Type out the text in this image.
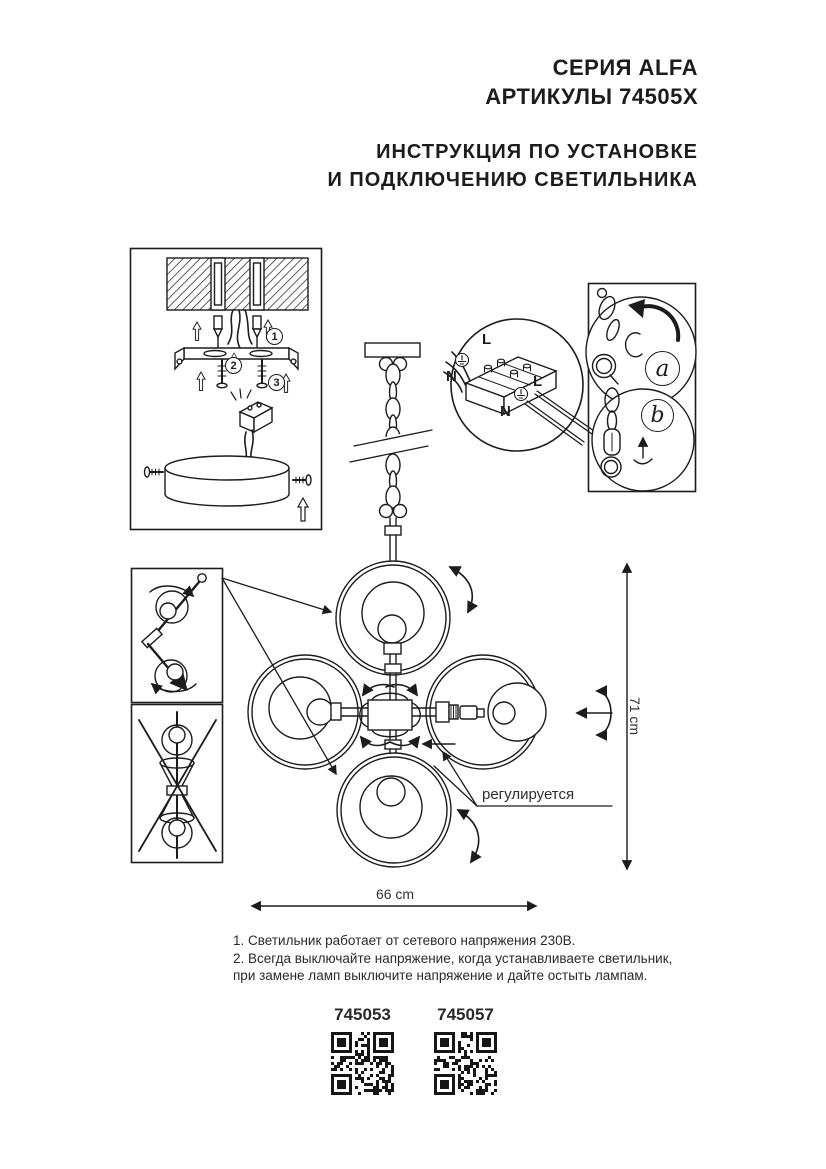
СЕРИЯ ALFA
АРТИКУЛЫ 74505X
ИНСТРУКЦИЯ ПО УСТАНОВКЕ
И ПОДКЛЮЧЕНИЮ СВЕТИЛЬНИКА
1
2
3
L
N	L
N
a
b
регулируется
71 cm
66 cm
1. Светильник работает от сетевого напряжения 230В.
2. Всегда выключайте напряжение, когда устанавливаете светильник,
при замене ламп выключите напряжение и дайте остыть лампам.
745053	745057
